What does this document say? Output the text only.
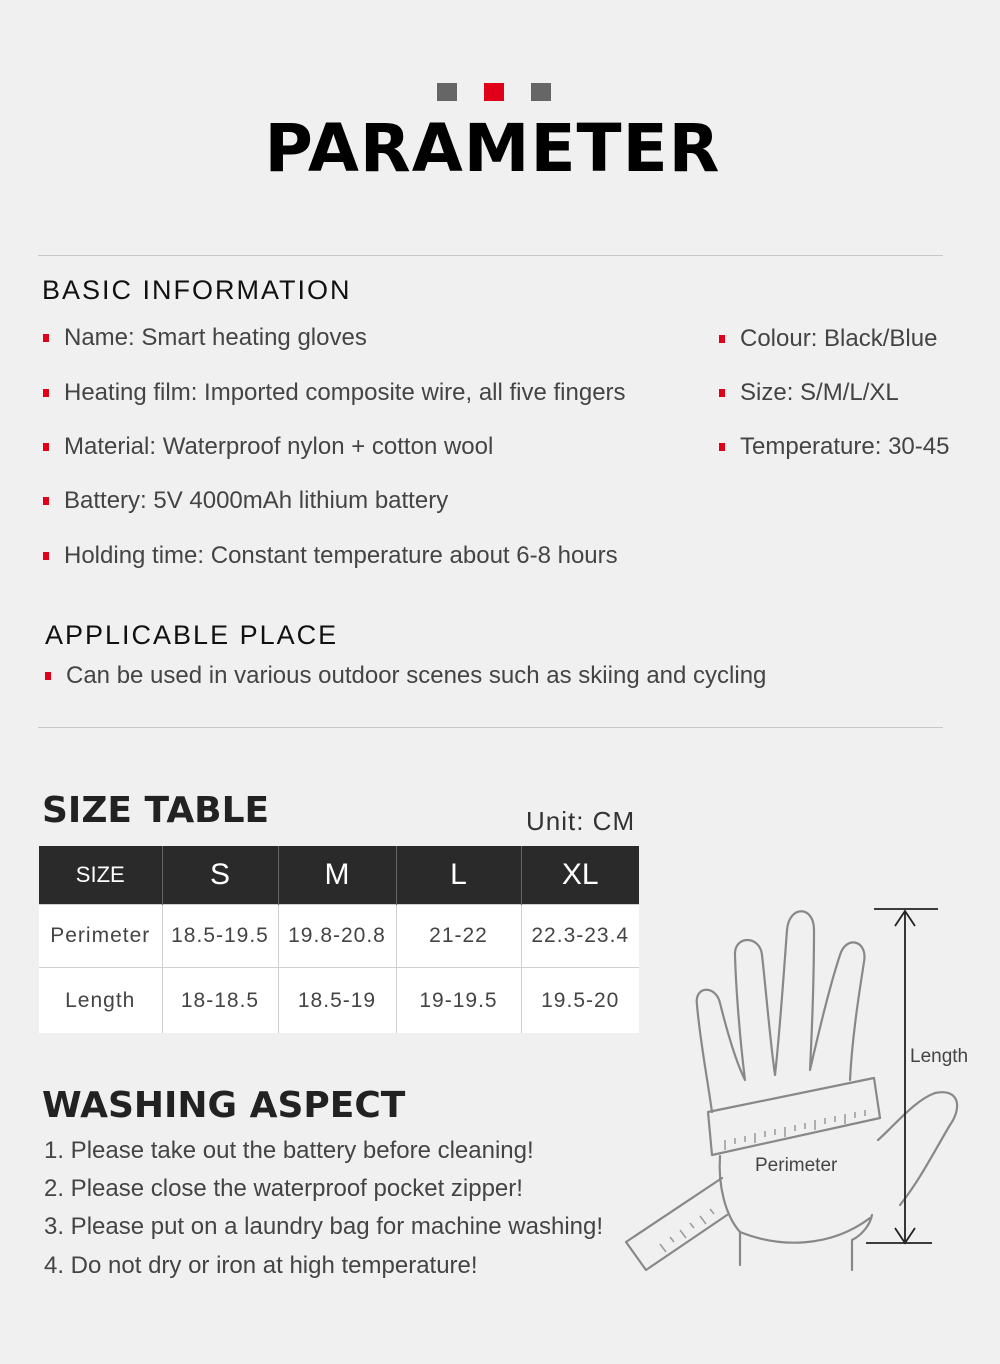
PARAMETER
BASIC INFORMATION
Name: Smart heating gloves
Heating film: Imported composite wire, all five fingers
Material: Waterproof nylon + cotton wool
Battery: 5V 4000mAh lithium battery
Holding time: Constant temperature about 6-8 hours
Colour: Black/Blue
Size: S/M/L/XL
Temperature: 30-45
APPLICABLE PLACE
Can be used in various outdoor scenes such as skiing and cycling
SIZE TABLE	Unit: CM
SIZE	S	M	L	XL
Perimeter	18.5-19.5	19.8-20.8	21-22	22.3-23.4
Length	18-18.5	18.5-19	19-19.5	19.5-20
WASHING ASPECT
1. Please take out the battery before cleaning!
2. Please close the waterproof pocket zipper!
3. Please put on a laundry bag for machine washing!
4. Do not dry or iron at high temperature!
Length
Perimeter
